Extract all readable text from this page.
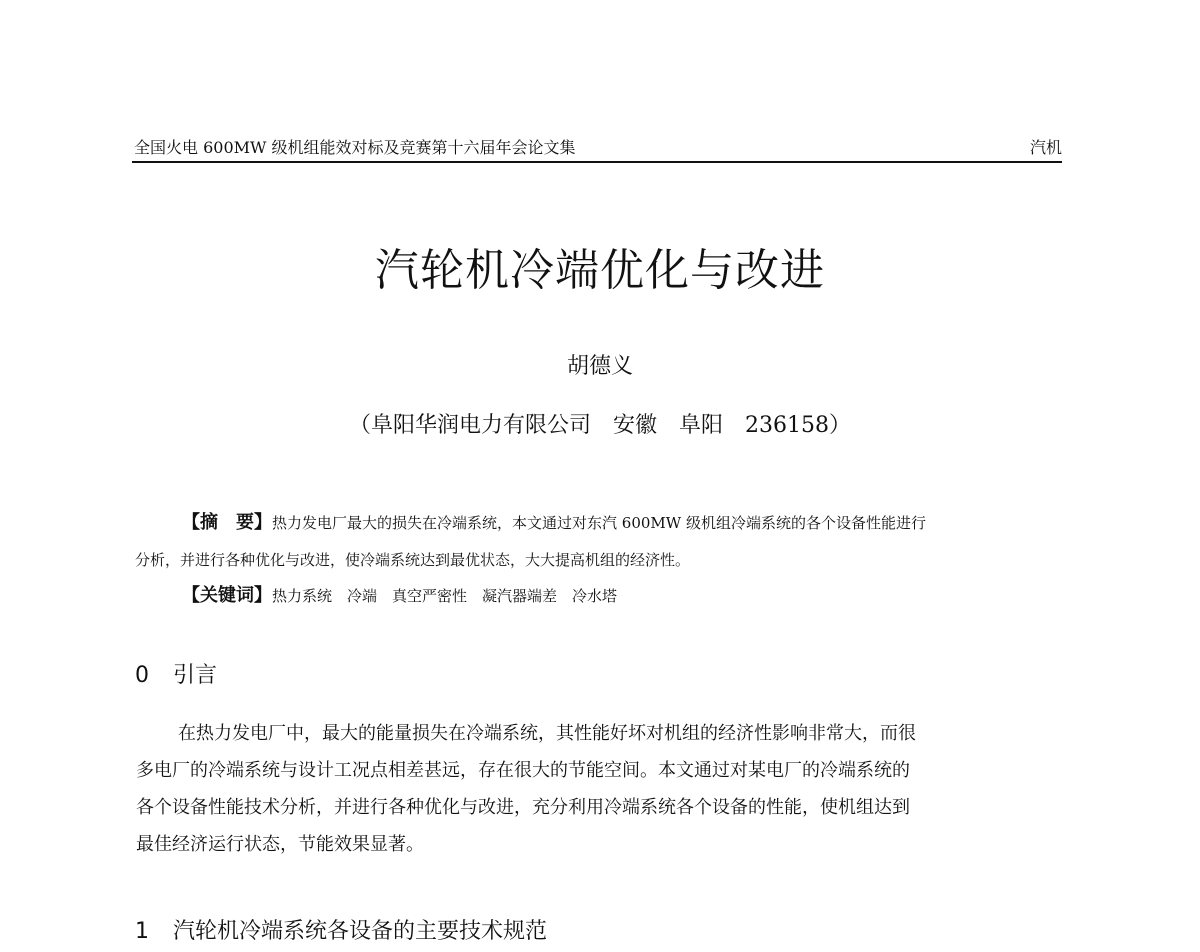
全国火电 600MW 级机组能效对标及竞赛第十六届年会论文集	汽机
汽轮机冷端优化与改进
胡德义
（阜阳华润电力有限公司　安徽　阜阳　236158）
【摘　要】热力发电厂最大的损失在冷端系统，本文通过对东汽 600MW 级机组冷端系统的各个设备性能进行
分析，并进行各种优化与改进，使冷端系统达到最优状态，大大提高机组的经济性。
【关键词】热力系统　冷端　真空严密性　凝汽器端差　冷水塔
0 引言
在热力发电厂中，最大的能量损失在冷端系统，其性能好坏对机组的经济性影响非常大，而很
多电厂的冷端系统与设计工况点相差甚远，存在很大的节能空间。本文通过对某电厂的冷端系统的
各个设备性能技术分析，并进行各种优化与改进，充分利用冷端系统各个设备的性能，使机组达到
最佳经济运行状态，节能效果显著。
1 汽轮机冷端系统各设备的主要技术规范
